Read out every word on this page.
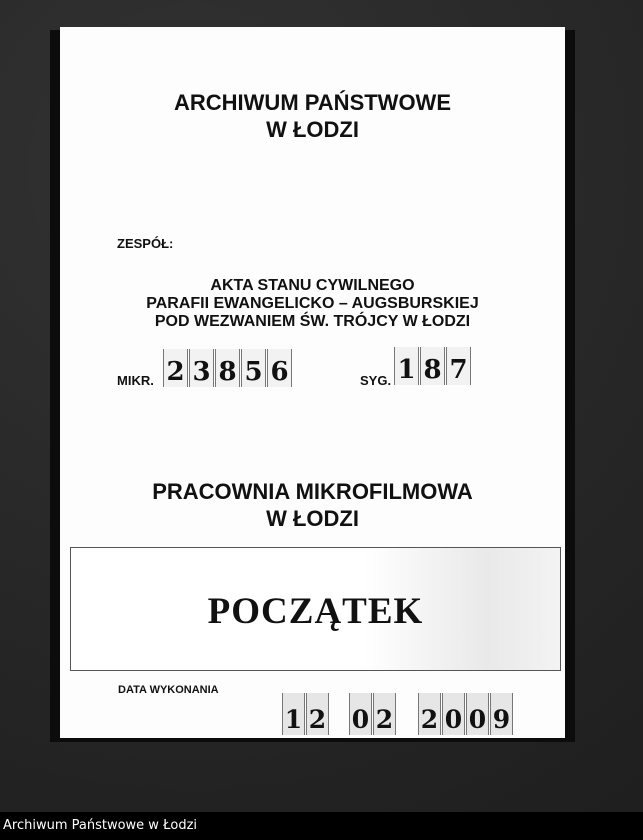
ARCHIWUM PAŃSTWOWE
W ŁODZI
ZESPÓŁ:
AKTA STANU CYWILNEGO
PARAFII EWANGELICKO – AUGSBURSKIEJ
POD WEZWANIEM ŚW. TRÓJCY W ŁODZI
MIKR. 2 3 8 5 6	SYG. 1 8 7
PRACOWNIA MIKROFILMOWA
W ŁODZI
POCZĄTEK
DATA WYKONANIA
1 2 0 2 2 0 0 9
Archiwum Państwowe w Łodzi
